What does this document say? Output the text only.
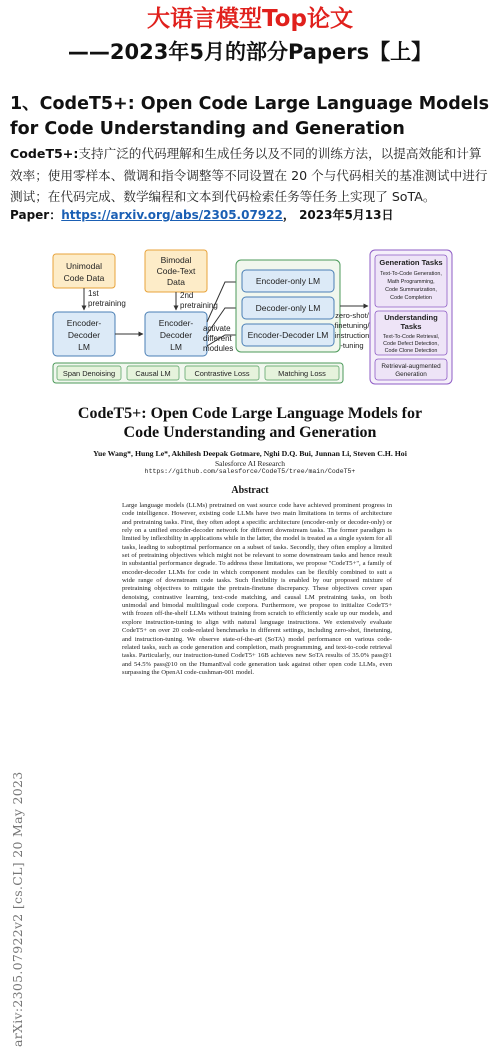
大语言模型Top论文
——2023年5月的部分Papers【上】
1、CodeT5+: Open Code Large Language Models for Code Understanding and Generation
CodeT5+:支持广泛的代码理解和生成任务以及不同的训练方法，以提高效能和计算效率；使用零样本、微调和指令调整等不同设置在 20 个与代码相关的基准测试中进行测试；在代码完成、数学编程和文本到代码检索任务等任务上实现了 SoTA。
Paper：https://arxiv.org/abs/2305.07922， 2023年5月13日
Unimodal Code Data
Bimodal Code-Text Data
1st pretraining
2nd pretraining
Encoder-Decoder LM
Encoder-Decoder LM
activate different modules
Encoder-only LM
Decoder-only LM
Encoder-Decoder LM
zero-shot/ finetuning/ instruction -tuning
Generation Tasks
Text-To-Code Generation, Math Programming, Code Summarization, Code Completion
Understanding Tasks
Text-To-Code Retrieval, Code Defect Detection, Code Clone Detection
Retrieval-augmented Generation
Span Denoising	Causal LM	Contrastive Loss	Matching Loss
arXiv:2305.07922v2 [cs.CL] 20 May 2023
CodeT5+: Open Code Large Language Models for
Code Understanding and Generation
Yue Wang*, Hung Le*, Akhilesh Deepak Gotmare, Nghi D.Q. Bui, Junnan Li, Steven C.H. Hoi
Salesforce AI Research
https://github.com/salesforce/CodeT5/tree/main/CodeT5+
Abstract
Large language models (LLMs) pretrained on vast source code have achieved prominent progress in code intelligence. However, existing code LLMs have two main limitations in terms of architecture and pretraining tasks. First, they often adopt a specific architecture (encoder-only or decoder-only) or rely on a unified encoder-decoder network for different downstream tasks. The former paradigm is limited by inflexibility in applications while in the latter, the model is treated as a single system for all tasks, leading to suboptimal performance on a subset of tasks. Secondly, they often employ a limited set of pretraining objectives which might not be relevant to some downstream tasks and hence result in substantial performance degrade. To address these limitations, we propose "CodeT5+", a family of encoder-decoder LLMs for code in which component modules can be flexibly combined to suit a wide range of downstream code tasks. Such flexibility is enabled by our proposed mixture of pretraining objectives to mitigate the pretrain-finetune discrepancy. These objectives cover span denoising, contrastive learning, text-code matching, and causal LM pretraining tasks, on both unimodal and bimodal multilingual code corpora. Furthermore, we propose to initialize CodeT5+ with frozen off-the-shelf LLMs without training from scratch to efficiently scale up our models, and explore instruction-tuning to align with natural language instructions. We extensively evaluate CodeT5+ on over 20 code-related benchmarks in different settings, including zero-shot, finetuning, and instruction-tuning. We observe state-of-the-art (SoTA) model performance on various code-related tasks, such as code generation and completion, math programming, and text-to-code retrieval tasks. Particularly, our instruction-tuned CodeT5+ 16B achieves new SoTA results of 35.0% pass@1 and 54.5% pass@10 on the HumanEval code generation task against other open code LLMs, even surpassing the OpenAI code-cushman-001 model.
